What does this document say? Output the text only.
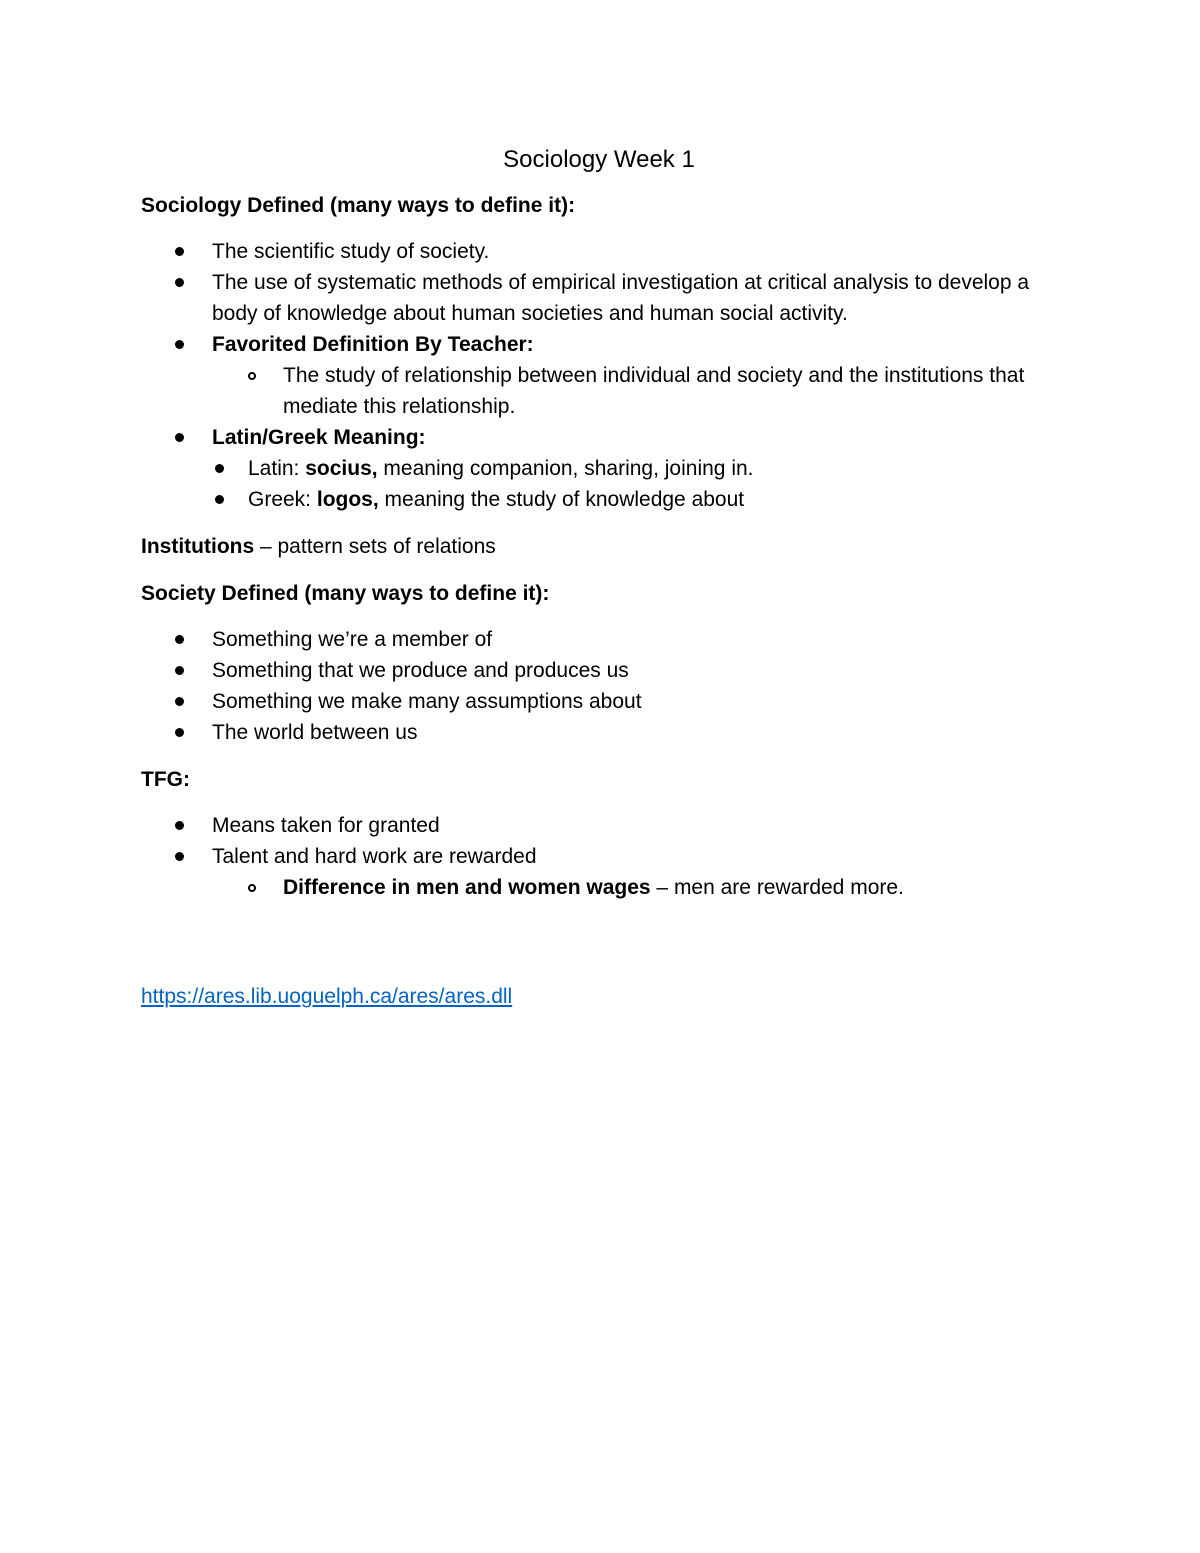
Sociology Week 1
Sociology Defined (many ways to define it):
The scientific study of society.
The use of systematic methods of empirical investigation at critical analysis to develop a body of knowledge about human societies and human social activity.
Favorited Definition By Teacher:
The study of relationship between individual and society and the institutions that mediate this relationship.
Latin/Greek Meaning:
Latin: socius, meaning companion, sharing, joining in.
Greek: logos, meaning the study of knowledge about
Institutions – pattern sets of relations
Society Defined (many ways to define it):
Something we’re a member of
Something that we produce and produces us
Something we make many assumptions about
The world between us
TFG:
Means taken for granted
Talent and hard work are rewarded
Difference in men and women wages – men are rewarded more.
https://ares.lib.uoguelph.ca/ares/ares.dll
